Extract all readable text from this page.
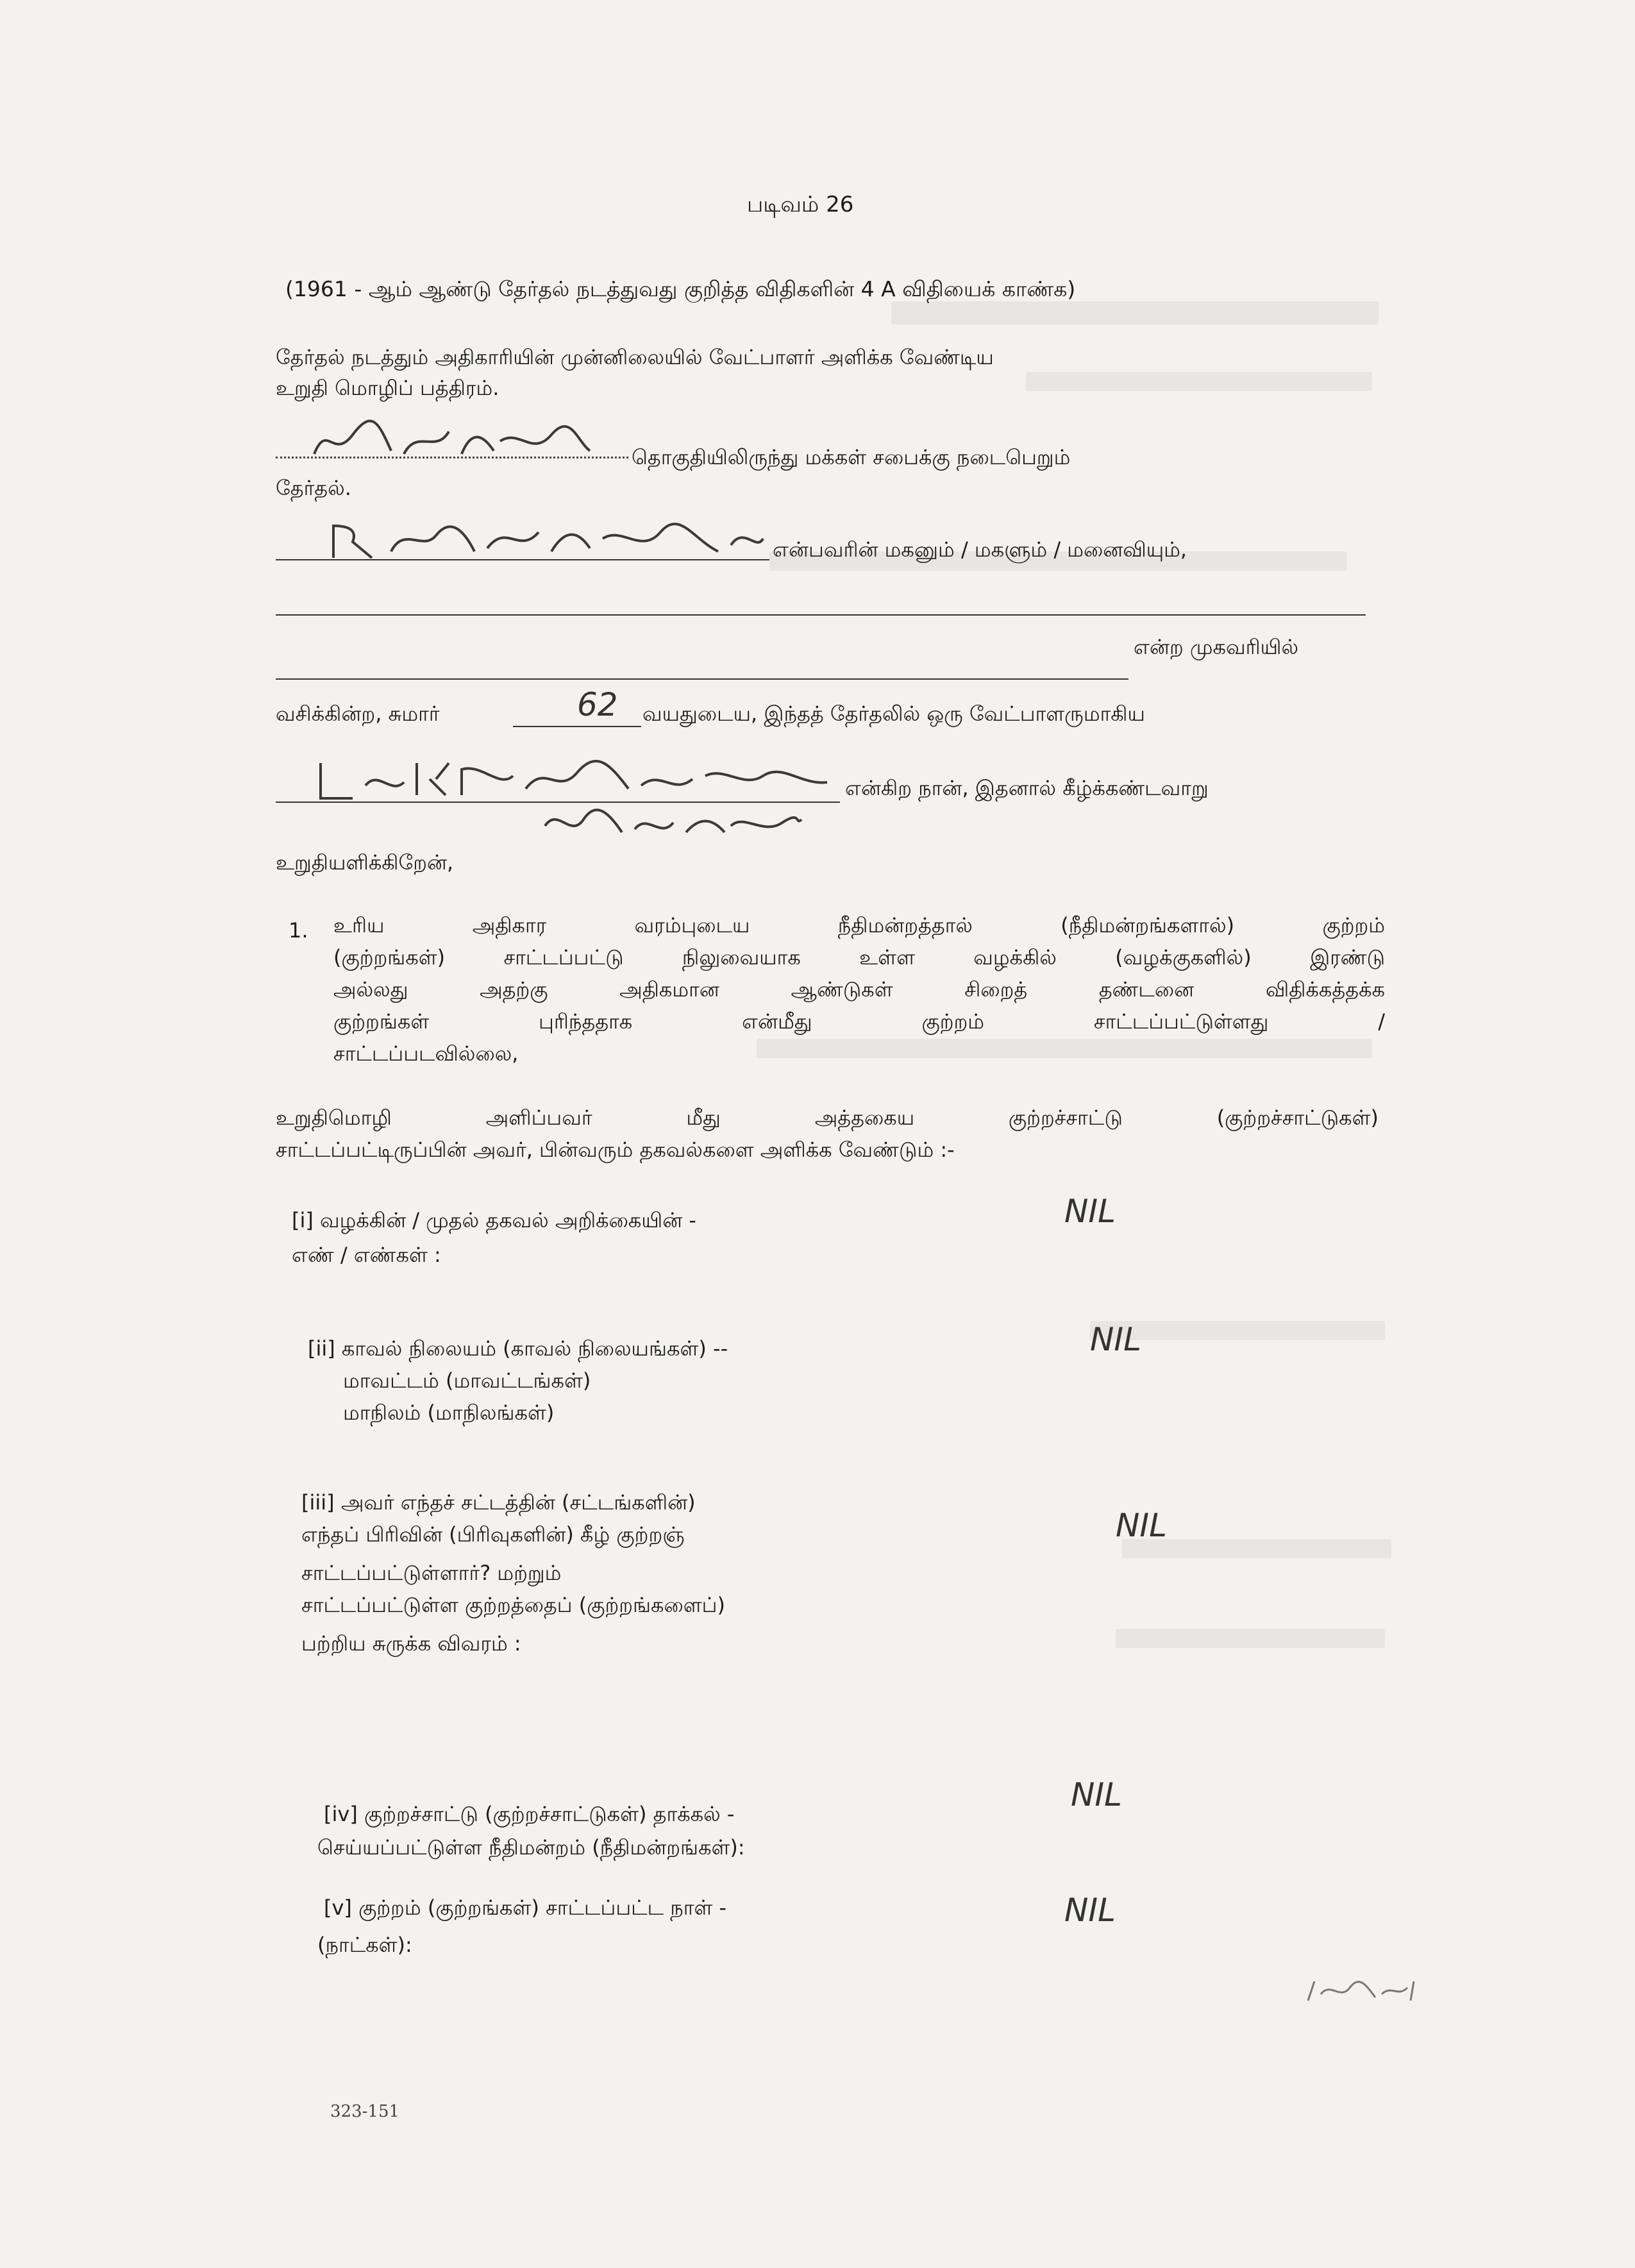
படிவம் 26
(1961 - ஆம் ஆண்டு தேர்தல் நடத்துவது குறித்த விதிகளின் 4 A விதியைக் காண்க)
தேர்தல் நடத்தும் அதிகாரியின் முன்னிலையில் வேட்பாளர் அளிக்க வேண்டிய
உறுதி மொழிப் பத்திரம்.
தொகுதியிலிருந்து மக்கள் சபைக்கு நடைபெறும்
தேர்தல்.
என்பவரின் மகனும் / மகளும் / மனைவியும்,
என்ற முகவரியில்
வசிக்கின்ற, சுமார்	62 வயதுடைய, இந்தத் தேர்தலில் ஒரு வேட்பாளருமாகிய
என்கிற நான், இதனால் கீழ்க்கண்டவாறு
உறுதியளிக்கிறேன்,
1. உரிய அதிகார வரம்புடைய நீதிமன்றத்தால் (நீதிமன்றங்களால்) குற்றம்
(குற்றங்கள்) சாட்டப்பட்டு நிலுவையாக உள்ள வழக்கில் (வழக்குகளில்) இரண்டு
அல்லது அதற்கு அதிகமான ஆண்டுகள் சிறைத் தண்டனை விதிக்கத்தக்க
குற்றங்கள் புரிந்ததாக என்மீது குற்றம் சாட்டப்பட்டுள்ளது /
சாட்டப்படவில்லை,
உறுதிமொழி அளிப்பவர் மீது அத்தகைய குற்றச்சாட்டு (குற்றச்சாட்டுகள்)
சாட்டப்பட்டிருப்பின் அவர், பின்வரும் தகவல்களை அளிக்க வேண்டும் :-
[i] வழக்கின் / முதல் தகவல் அறிக்கையின் -
எண் / எண்கள் :
NIL
[ii] காவல் நிலையம் (காவல் நிலையங்கள்) --
மாவட்டம் (மாவட்டங்கள்)
மாநிலம் (மாநிலங்கள்)
NIL
[iii] அவர் எந்தச் சட்டத்தின் (சட்டங்களின்)
எந்தப் பிரிவின் (பிரிவுகளின்) கீழ் குற்றஞ்
சாட்டப்பட்டுள்ளார்? மற்றும்
சாட்டப்பட்டுள்ள குற்றத்தைப் (குற்றங்களைப்)
பற்றிய சுருக்க விவரம் :
NIL
[iv] குற்றச்சாட்டு (குற்றச்சாட்டுகள்) தாக்கல் -
செய்யப்பட்டுள்ள நீதிமன்றம் (நீதிமன்றங்கள்):
NIL
[v] குற்றம் (குற்றங்கள்) சாட்டப்பட்ட நாள் -
(நாட்கள்):
NIL
323-151
